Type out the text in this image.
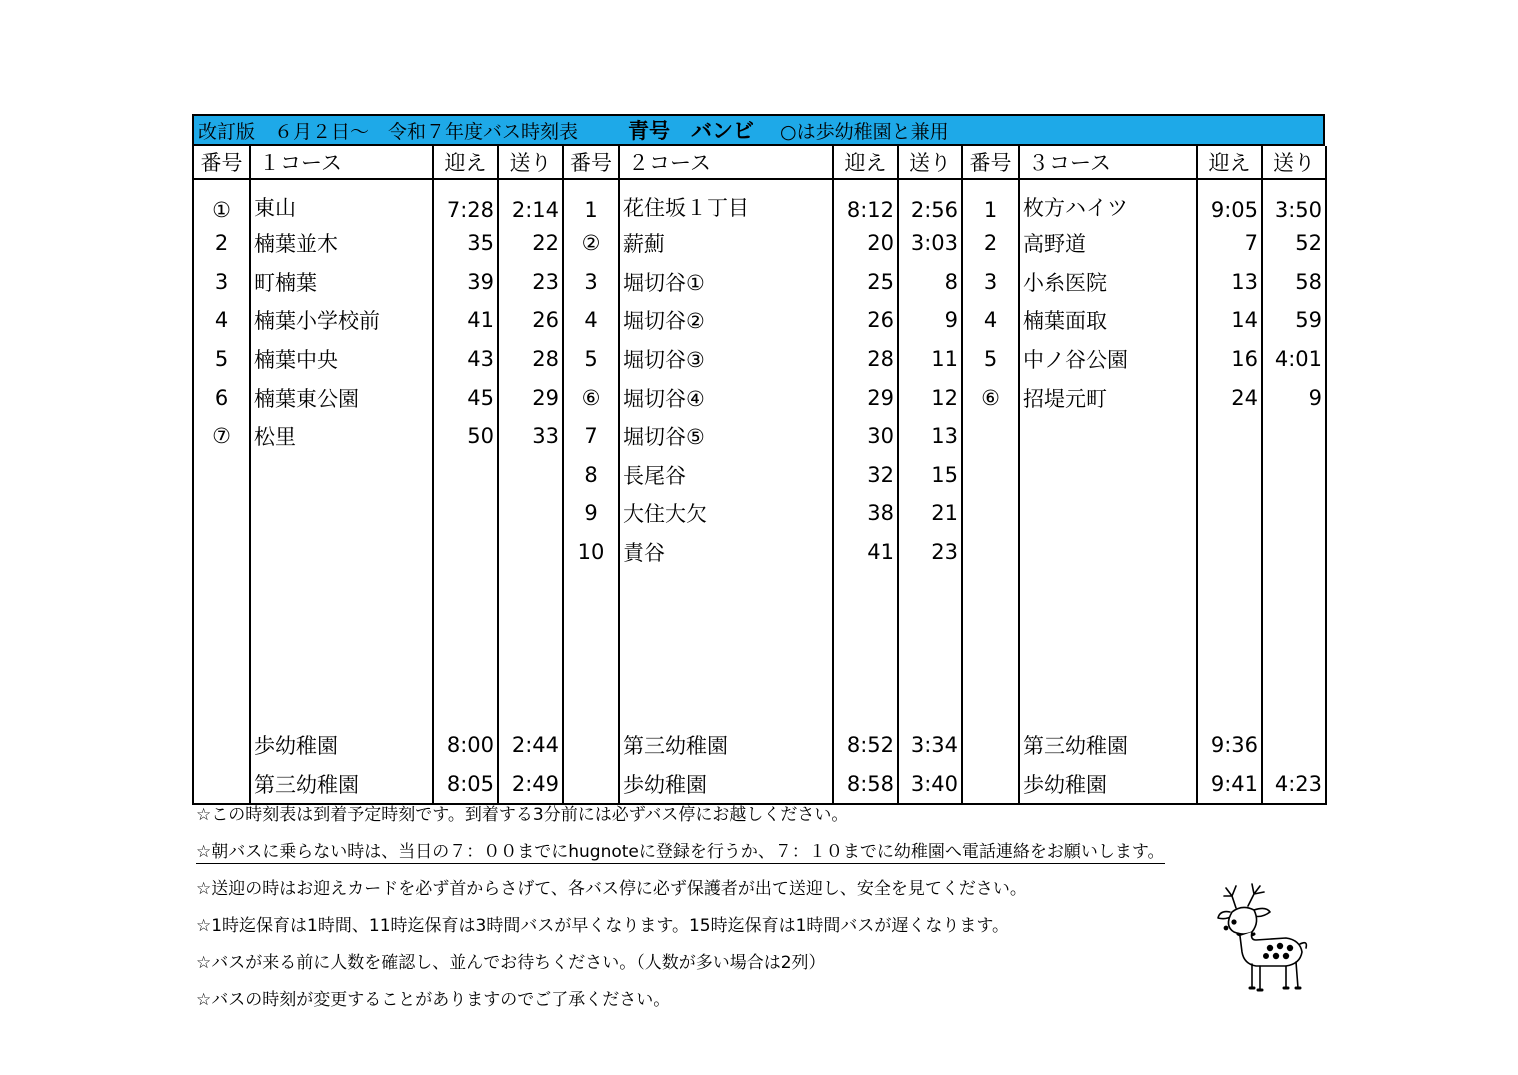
改訂版　６月２日～　令和７年度バス時刻表 青号　バンビ ○は歩幼稚園と兼用
番号	１コース	迎え	送り	番号	２コース	迎え	送り	番号	３コース	迎え	送り
①	東山	7:28	2:14	1	花住坂１丁目	8:12	2:56	1	枚方ハイツ	9:05	3:50
2	楠葉並木	35	22	②	薪薊	20	3:03	2	高野道	7	52
3	町楠葉	39	23	3	堀切谷①	25	8	3	小糸医院	13	58
4	楠葉小学校前	41	26	4	堀切谷②	26	9	4	楠葉面取	14	59
5	楠葉中央	43	28	5	堀切谷③	28	11	5	中ノ谷公園	16	4:01
6	楠葉東公園	45	29	⑥	堀切谷④	29	12	⑥	招堤元町	24	9
⑦	松里	50	33	7	堀切谷⑤	30	13				
				8	長尾谷	32	15				
				9	大住大欠	38	21				
				10	責谷	41	23				

	歩幼稚園	8:00	2:44		第三幼稚園	8:52	3:34		第三幼稚園	9:36	
	第三幼稚園	8:05	2:49		歩幼稚園	8:58	3:40		歩幼稚園	9:41	4:23
☆この時刻表は到着予定時刻です。到着する3分前には必ずバス停にお越しください。
☆朝バスに乗らない時は、当日の７：００までにhugnoteに登録を行うか、７：１０までに幼稚園へ電話連絡をお願いします。
☆送迎の時はお迎えカードを必ず首からさげて、各バス停に必ず保護者が出て送迎し、安全を見てください。
☆1時迄保育は1時間、11時迄保育は3時間バスが早くなります。15時迄保育は1時間バスが遅くなります。
☆バスが来る前に人数を確認し、並んでお待ちください。（人数が多い場合は2列）
☆バスの時刻が変更することがありますのでご了承ください。
